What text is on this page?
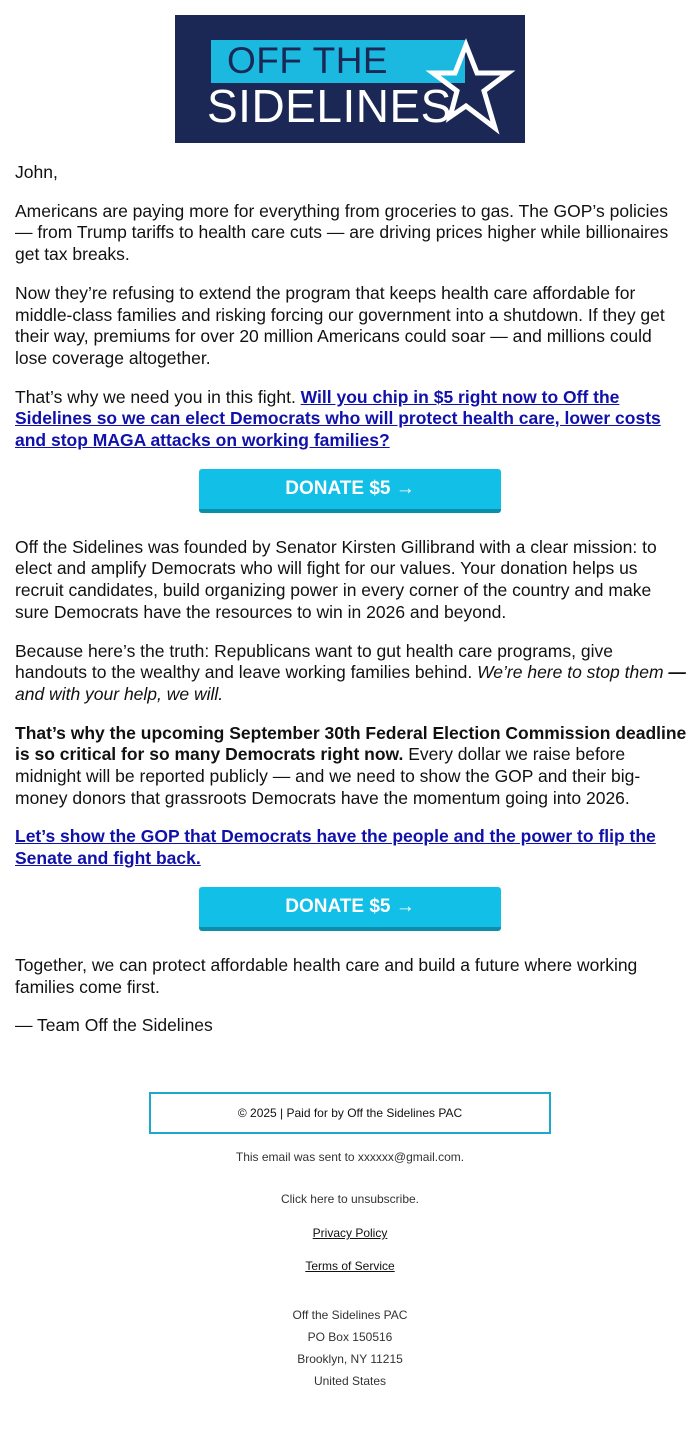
OFF THE
SIDELINES

John,

Americans are paying more for everything from groceries to gas. The GOP’s policies — from Trump tariffs to health care cuts — are driving prices higher while billionaires get tax breaks.

Now they’re refusing to extend the program that keeps health care affordable for middle-class families and risking forcing our government into a shutdown. If they get their way, premiums for over 20 million Americans could soar — and millions could lose coverage altogether.

That’s why we need you in this fight. Will you chip in $5 right now to Off the Sidelines so we can elect Democrats who will protect health care, lower costs and stop MAGA attacks on working families?

DONATE $5 →

Off the Sidelines was founded by Senator Kirsten Gillibrand with a clear mission: to elect and amplify Democrats who will fight for our values. Your donation helps us recruit candidates, build organizing power in every corner of the country and make sure Democrats have the resources to win in 2026 and beyond.

Because here’s the truth: Republicans want to gut health care programs, give handouts to the wealthy and leave working families behind. We’re here to stop them — and with your help, we will.

That’s why the upcoming September 30th Federal Election Commission deadline is so critical for so many Democrats right now. Every dollar we raise before midnight will be reported publicly — and we need to show the GOP and their big-money donors that grassroots Democrats have the momentum going into 2026.

Let’s show the GOP that Democrats have the people and the power to flip the Senate and fight back.

DONATE $5 →

Together, we can protect affordable health care and build a future where working families come first.

— Team Off the Sidelines

© 2025 | Paid for by Off the Sidelines PAC

This email was sent to xxxxxx@gmail.com.

Click here to unsubscribe.

Privacy Policy

Terms of Service

Off the Sidelines PAC
PO Box 150516
Brooklyn, NY 11215
United States
